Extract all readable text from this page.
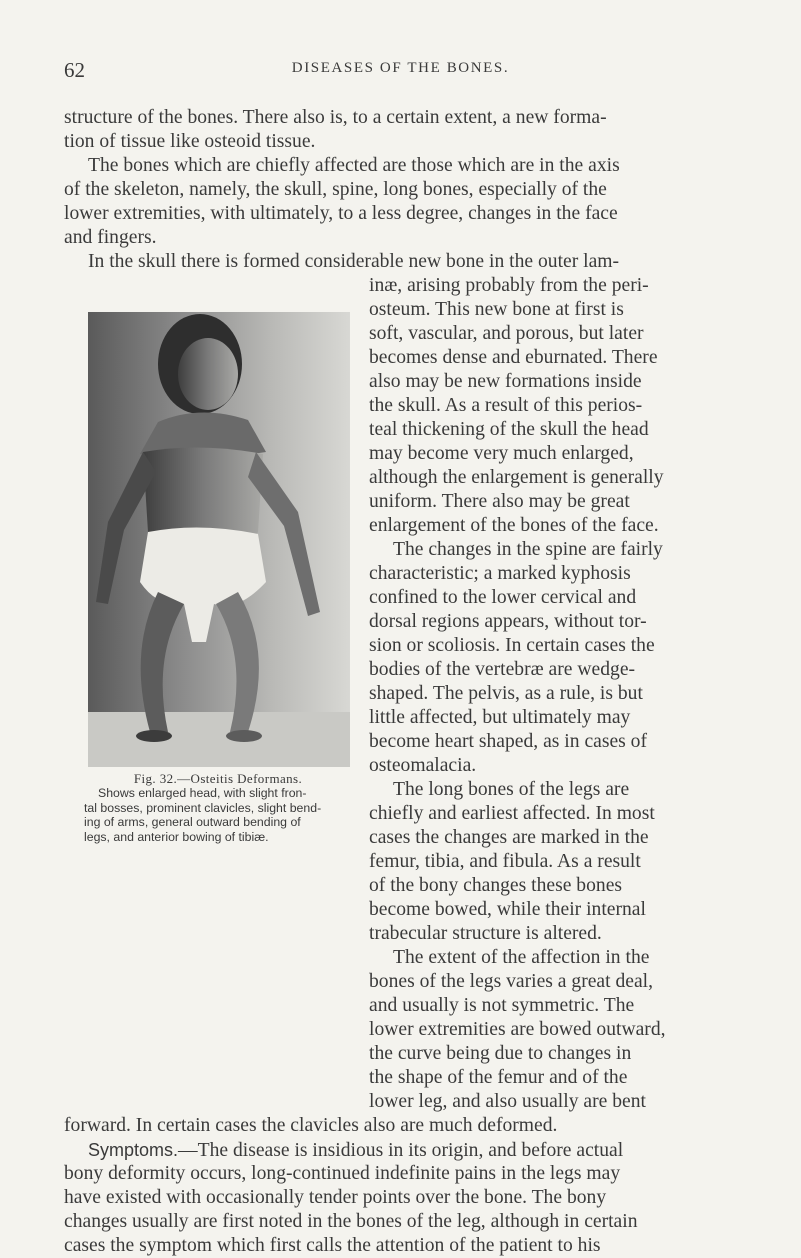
62	DISEASES OF THE BONES.
structure of the bones. There also is, to a certain extent, a new forma-
tion of tissue like osteoid tissue.
The bones which are chiefly affected are those which are in the axis
of the skeleton, namely, the skull, spine, long bones, especially of the
lower extremities, with ultimately, to a less degree, changes in the face
and fingers.
In the skull there is formed considerable new bone in the outer lam-
inæ, arising probably from the peri-
osteum. This new bone at first is
soft, vascular, and porous, but later
becomes dense and eburnated. There
also may be new formations inside
the skull. As a result of this perios-
teal thickening of the skull the head
may become very much enlarged,
although the enlargement is generally
uniform. There also may be great
enlargement of the bones of the face.
The changes in the spine are fairly
characteristic; a marked kyphosis
confined to the lower cervical and
dorsal regions appears, without tor-
sion or scoliosis. In certain cases the
bodies of the vertebræ are wedge-
shaped. The pelvis, as a rule, is but
little affected, but ultimately may
become heart shaped, as in cases of
osteomalacia.
The long bones of the legs are
chiefly and earliest affected. In most
cases the changes are marked in the
femur, tibia, and fibula. As a result
of the bony changes these bones
become bowed, while their internal
trabecular structure is altered.
The extent of the affection in the
bones of the legs varies a great deal,
and usually is not symmetric. The
lower extremities are bowed outward,
the curve being due to changes in
the shape of the femur and of the
lower leg, and also usually are bent
forward. In certain cases the clavicles also are much deformed.
Symptoms.—The disease is insidious in its origin, and before actual
bony deformity occurs, long-continued indefinite pains in the legs may
have existed with occasionally tender points over the bone. The bony
changes usually are first noted in the bones of the leg, although in certain
cases the symptom which first calls the attention of the patient to his
Fig. 32.—Osteitis Deformans.
Shows enlarged head, with slight fron-
tal bosses, prominent clavicles, slight bend-
ing of arms, general outward bending of
legs, and anterior bowing of tibiæ.
